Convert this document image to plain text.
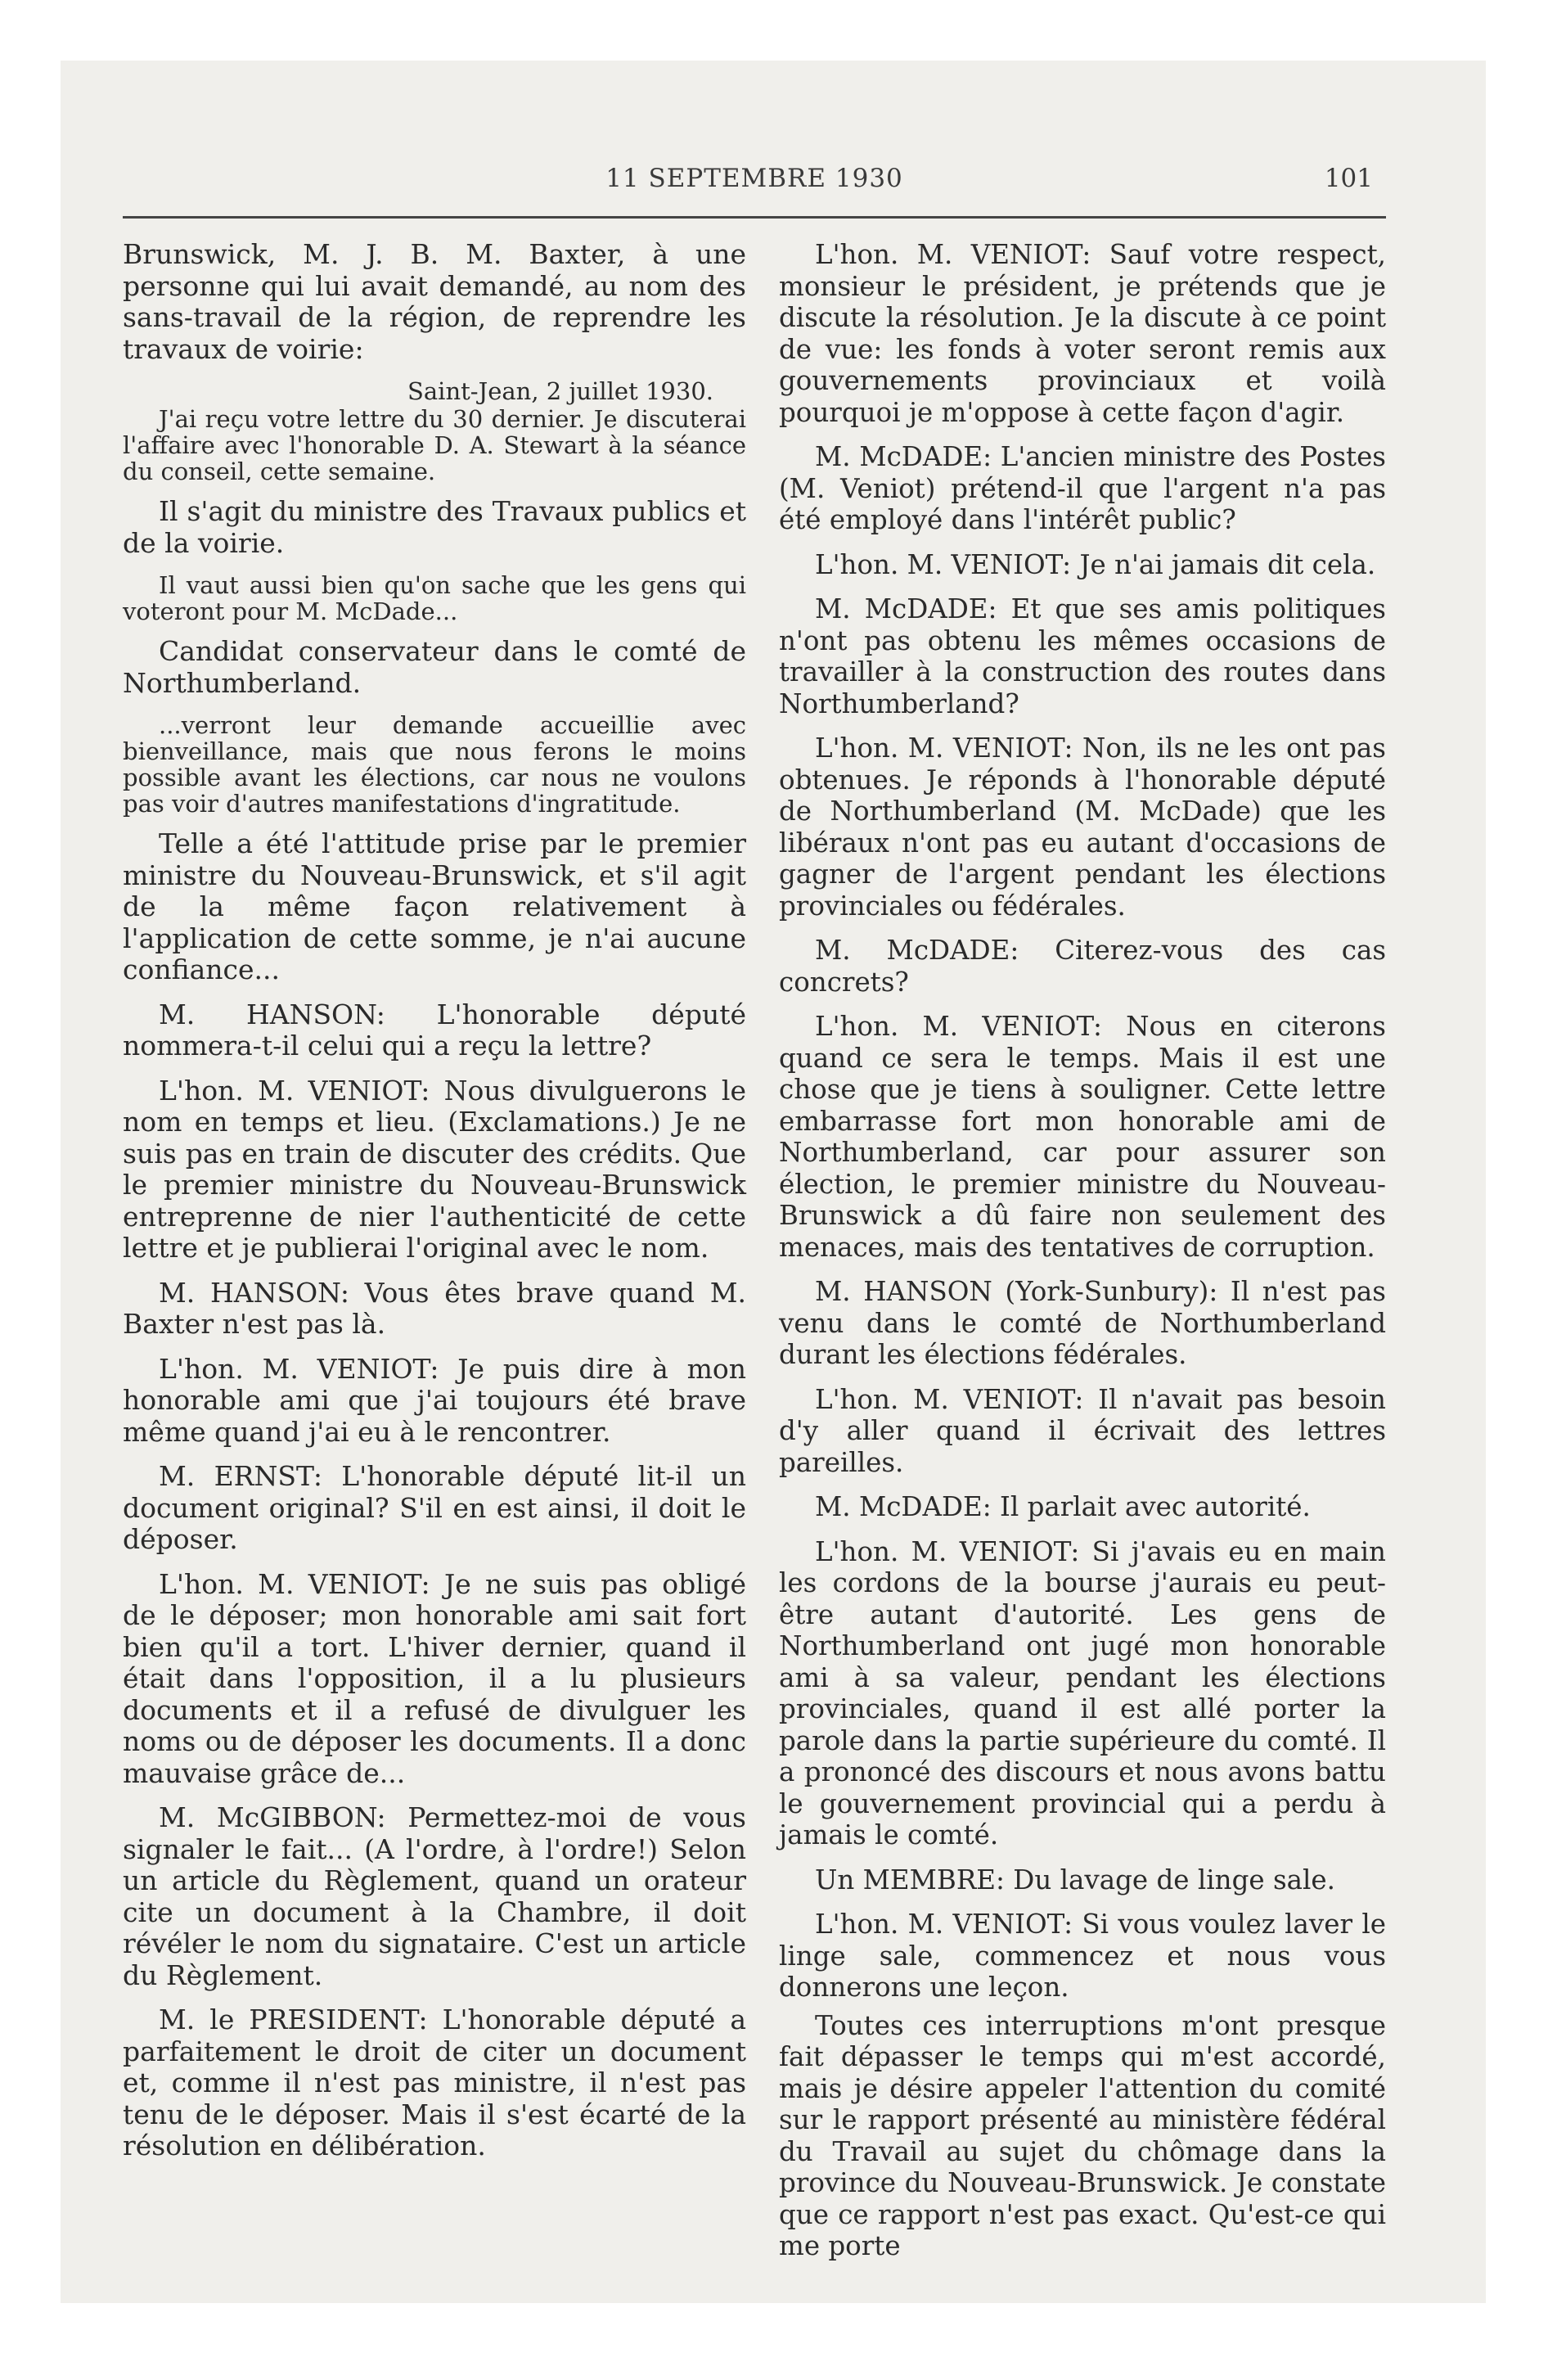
11 SEPTEMBRE 1930	101

Brunswick, M. J. B. M. Baxter, à une personne qui lui avait demandé, au nom des sans-travail de la région, de reprendre les travaux de voirie:

Saint-Jean, 2 juillet 1930.

J'ai reçu votre lettre du 30 dernier. Je discuterai l'affaire avec l'honorable D. A. Stewart à la séance du conseil, cette semaine.

Il s'agit du ministre des Travaux publics et de la voirie.

Il vaut aussi bien qu'on sache que les gens qui voteront pour M. McDade...

Candidat conservateur dans le comté de Northumberland.

...verront leur demande accueillie avec bienveillance, mais que nous ferons le moins possible avant les élections, car nous ne voulons pas voir d'autres manifestations d'ingratitude.

Telle a été l'attitude prise par le premier ministre du Nouveau-Brunswick, et s'il agit de la même façon relativement à l'application de cette somme, je n'ai aucune confiance...

M. HANSON: L'honorable député nommera-t-il celui qui a reçu la lettre?

L'hon. M. VENIOT: Nous divulguerons le nom en temps et lieu. (Exclamations.) Je ne suis pas en train de discuter des crédits. Que le premier ministre du Nouveau-Brunswick entreprenne de nier l'authenticité de cette lettre et je publierai l'original avec le nom.

M. HANSON: Vous êtes brave quand M. Baxter n'est pas là.

L'hon. M. VENIOT: Je puis dire à mon honorable ami que j'ai toujours été brave même quand j'ai eu à le rencontrer.

M. ERNST: L'honorable député lit-il un document original? S'il en est ainsi, il doit le déposer.

L'hon. M. VENIOT: Je ne suis pas obligé de le déposer; mon honorable ami sait fort bien qu'il a tort. L'hiver dernier, quand il était dans l'opposition, il a lu plusieurs documents et il a refusé de divulguer les noms ou de déposer les documents. Il a donc mauvaise grâce de...

M. McGIBBON: Permettez-moi de vous signaler le fait... (A l'ordre, à l'ordre!) Selon un article du Règlement, quand un orateur cite un document à la Chambre, il doit révéler le nom du signataire. C'est un article du Règlement.

M. le PRESIDENT: L'honorable député a parfaitement le droit de citer un document et, comme il n'est pas ministre, il n'est pas tenu de le déposer. Mais il s'est écarté de la résolution en délibération.

L'hon. M. VENIOT: Sauf votre respect, monsieur le président, je prétends que je discute la résolution. Je la discute à ce point de vue: les fonds à voter seront remis aux gouvernements provinciaux et voilà pourquoi je m'oppose à cette façon d'agir.

M. McDADE: L'ancien ministre des Postes (M. Veniot) prétend-il que l'argent n'a pas été employé dans l'intérêt public?

L'hon. M. VENIOT: Je n'ai jamais dit cela.

M. McDADE: Et que ses amis politiques n'ont pas obtenu les mêmes occasions de travailler à la construction des routes dans Northumberland?

L'hon. M. VENIOT: Non, ils ne les ont pas obtenues. Je réponds à l'honorable député de Northumberland (M. McDade) que les libéraux n'ont pas eu autant d'occasions de gagner de l'argent pendant les élections provinciales ou fédérales.

M. McDADE: Citerez-vous des cas concrets?

L'hon. M. VENIOT: Nous en citerons quand ce sera le temps. Mais il est une chose que je tiens à souligner. Cette lettre embarrasse fort mon honorable ami de Northumberland, car pour assurer son élection, le premier ministre du Nouveau-Brunswick a dû faire non seulement des menaces, mais des tentatives de corruption.

M. HANSON (York-Sunbury): Il n'est pas venu dans le comté de Northumberland durant les élections fédérales.

L'hon. M. VENIOT: Il n'avait pas besoin d'y aller quand il écrivait des lettres pareilles.

M. McDADE: Il parlait avec autorité.

L'hon. M. VENIOT: Si j'avais eu en main les cordons de la bourse j'aurais eu peut-être autant d'autorité. Les gens de Northumberland ont jugé mon honorable ami à sa valeur, pendant les élections provinciales, quand il est allé porter la parole dans la partie supérieure du comté. Il a prononcé des discours et nous avons battu le gouvernement provincial qui a perdu à jamais le comté.

Un MEMBRE: Du lavage de linge sale.

L'hon. M. VENIOT: Si vous voulez laver le linge sale, commencez et nous vous donnerons une leçon.

Toutes ces interruptions m'ont presque fait dépasser le temps qui m'est accordé, mais je désire appeler l'attention du comité sur le rapport présenté au ministère fédéral du Travail au sujet du chômage dans la province du Nouveau-Brunswick. Je constate que ce rapport n'est pas exact. Qu'est-ce qui me porte
